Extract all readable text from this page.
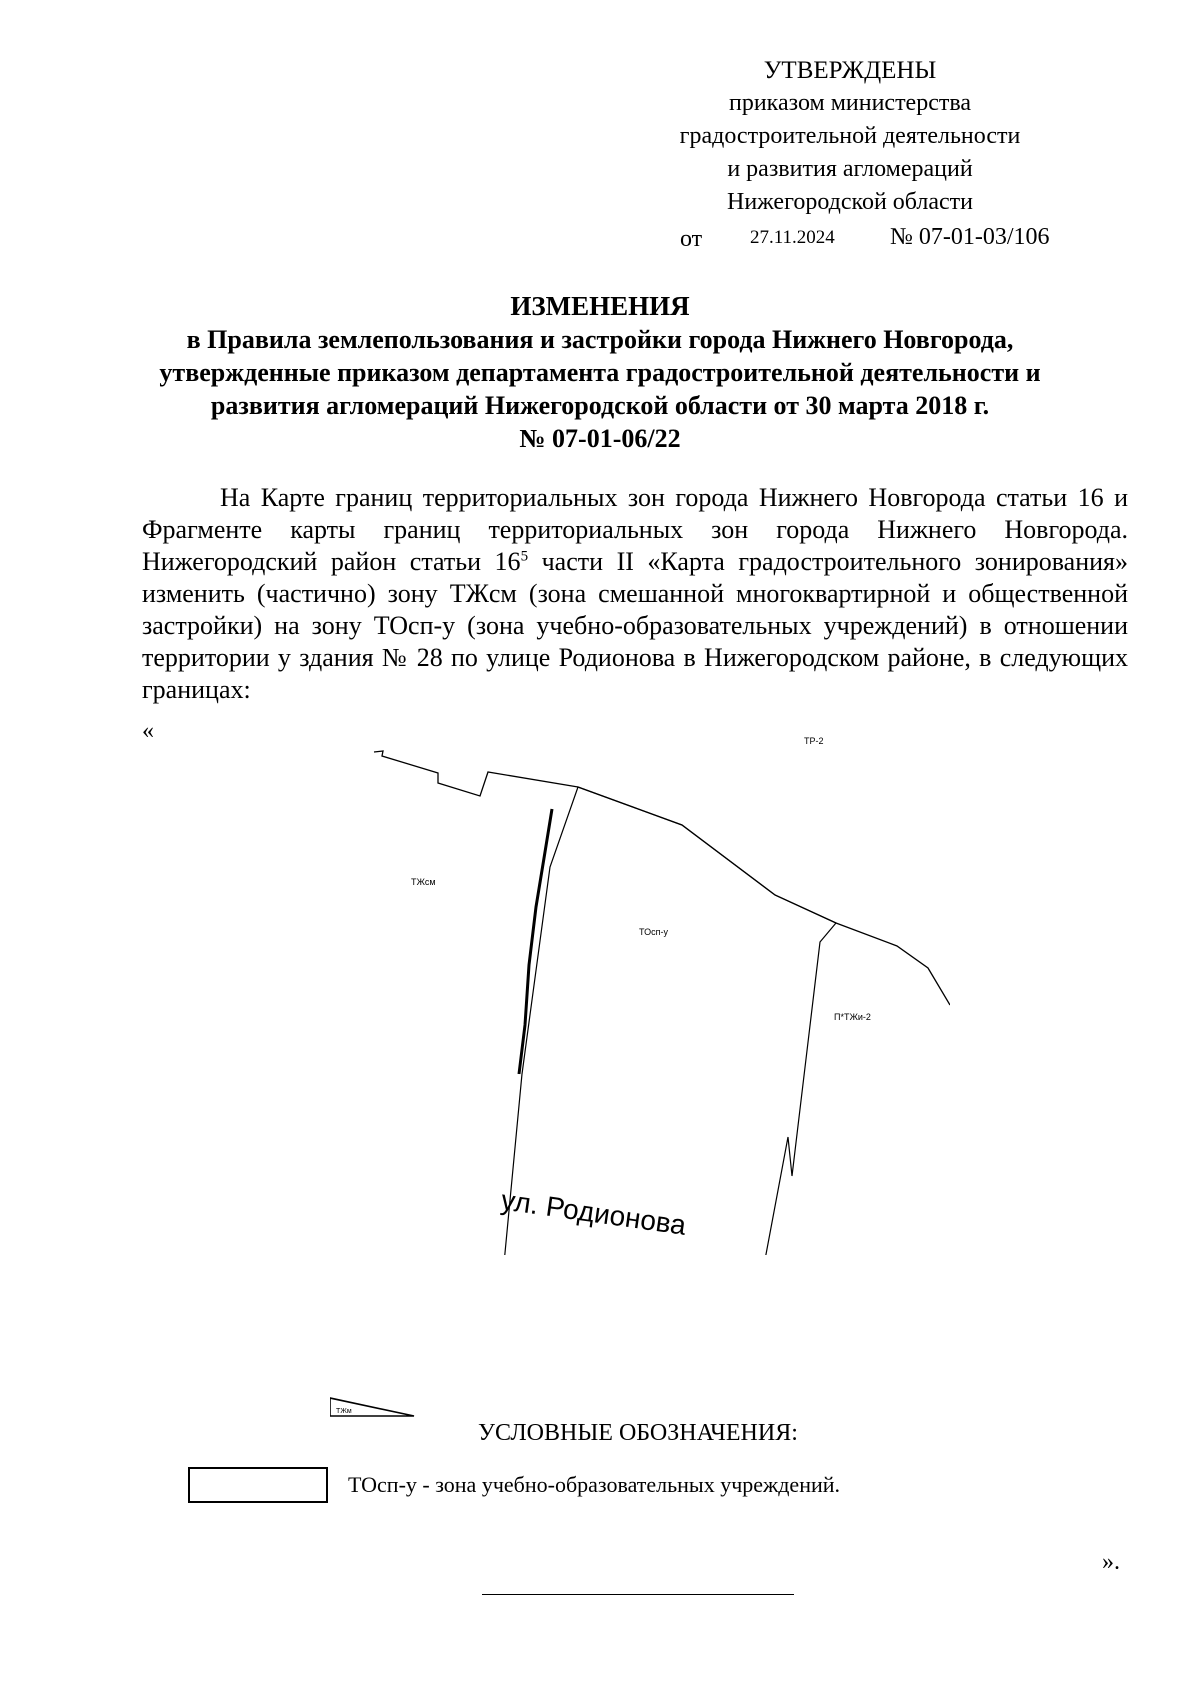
УТВЕРЖДЕНЫ
приказом министерства
градостроительной деятельности
и развития агломераций
Нижегородской области
от	27.11.2024 № 07-01-03/106
ИЗМЕНЕНИЯ
в Правила землепользования и застройки города Нижнего Новгорода,
утвержденные приказом департамента градостроительной деятельности и
развития агломераций Нижегородской области от 30 марта 2018 г.
№ 07-01-06/22

На Карте границ территориальных зон города Нижнего Новгорода статьи 16 и Фрагменте карты границ территориальных зон города Нижнего Новгорода. Нижегородский район статьи $16^5$ части II «Карта градостроительного зонирования» изменить (частично) зону ТЖсм (зона смешанной многоквартирной и общественной застройки) на зону ТОсп-у (зона учебно-образовательных учреждений) в отношении территории у здания № 28 по улице Родионова в Нижегородском районе, в следующих границах:

«	ТР-2
ТЖсм
ТОсп-у
П*ТЖи-2
ул. Родионова
ТЖм
УСЛОВНЫЕ ОБОЗНАЧЕНИЯ:
ТОсп-у - зона учебно-образовательных учреждений.
».
